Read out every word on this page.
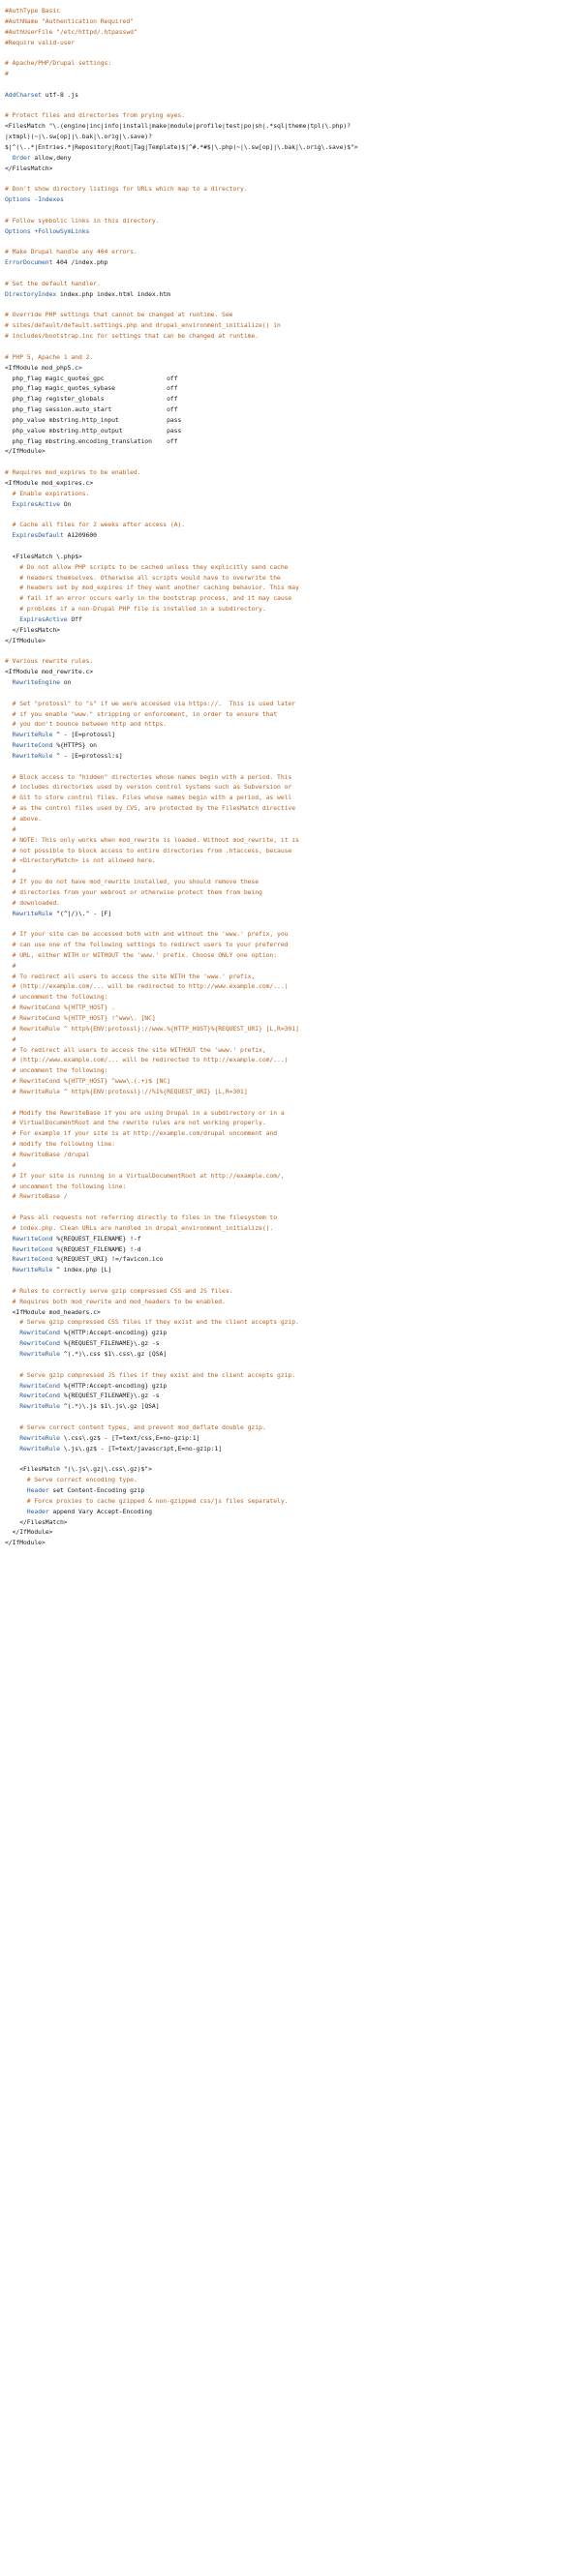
#AuthType Basic
#AuthName "Authentication Required"
#AuthUserFile "/etc/httpd/.htpasswd"
#Require valid-user

# Apache/PHP/Drupal settings:
#

AddCharset utf-8 .js

# Protect files and directories from prying eyes.
<FilesMatch "\.(engine|inc|info|install|make|module|profile|test|po|sh|.*sql|theme|tpl(\.php)?
|xtmpl)(~|\.sw[op]|\.bak|\.orig|\.save)?
$|^(\..*|Entries.*|Repository|Root|Tag|Template)$|^#.*#$|\.php(~|\.sw[op]|\.bak|\.orig\.save)$">
Order allow,deny
</FilesMatch>

# Don't show directory listings for URLs which map to a directory.
Options -Indexes

# Follow symbolic links in this directory.
Options +FollowSymLinks

# Make Drupal handle any 404 errors.
ErrorDocument 404 /index.php

# Set the default handler.
DirectoryIndex index.php index.html index.htm

# Override PHP settings that cannot be changed at runtime. See
# sites/default/default.settings.php and drupal_environment_initialize() in
# includes/bootstrap.inc for settings that can be changed at runtime.

# PHP 5, Apache 1 and 2.
<IfModule mod_php5.c>
php_flag magic_quotes_gpc                 off
php_flag magic_quotes_sybase              off
php_flag register_globals                 off
php_flag session.auto_start               off
php_value mbstring.http_input             pass
php_value mbstring.http_output            pass
php_flag mbstring.encoding_translation    off
</IfModule>

# Requires mod_expires to be enabled.
<IfModule mod_expires.c>
# Enable expirations.
ExpiresActive On

# Cache all files for 2 weeks after access (A).
ExpiresDefault A1209600

<FilesMatch \.php$>
# Do not allow PHP scripts to be cached unless they explicitly send cache
# headers themselves. Otherwise all scripts would have to overwrite the
# headers set by mod_expires if they want another caching behavior. This may
# fail if an error occurs early in the bootstrap process, and it may cause
# problems if a non-Drupal PHP file is installed in a subdirectory.
ExpiresActive Off
</FilesMatch>
</IfModule>

# Various rewrite rules.
<IfModule mod_rewrite.c>
RewriteEngine on

# Set "protossl" to "s" if we were accessed via https://.  This is used later
# if you enable "www." stripping or enforcement, in order to ensure that
# you don't bounce between http and https.
RewriteRule ^ - [E=protossl]
RewriteCond %{HTTPS} on
RewriteRule ^ - [E=protossl:s]

# Block access to "hidden" directories whose names begin with a period. This
# includes directories used by version control systems such as Subversion or
# Git to store control files. Files whose names begin with a period, as well
# as the control files used by CVS, are protected by the FilesMatch directive
# above.
#
# NOTE: This only works when mod_rewrite is loaded. Without mod_rewrite, it is
# not possible to block access to entire directories from .htaccess, because
# <DirectoryMatch> is not allowed here.
#
# If you do not have mod_rewrite installed, you should remove these
# directories from your webroot or otherwise protect them from being
# downloaded.
RewriteRule "(^|/)\." - [F]

# If your site can be accessed both with and without the 'www.' prefix, you
# can use one of the following settings to redirect users to your preferred
# URL, either WITH or WITHOUT the 'www.' prefix. Choose ONLY one option:
#
# To redirect all users to access the site WITH the 'www.' prefix,
# (http://example.com/... will be redirected to http://www.example.com/...)
# uncomment the following:
# RewriteCond %{HTTP_HOST} .
# RewriteCond %{HTTP_HOST} !^www\. [NC]
# RewriteRule ^ http%{ENV:protossl}://www.%{HTTP_HOST}%{REQUEST_URI} [L,R=301]
#
# To redirect all users to access the site WITHOUT the 'www.' prefix,
# (http://www.example.com/... will be redirected to http://example.com/...)
# uncomment the following:
# RewriteCond %{HTTP_HOST} ^www\.(.+)$ [NC]
# RewriteRule ^ http%{ENV:protossl}://%1%{REQUEST_URI} [L,R=301]

# Modify the RewriteBase if you are using Drupal in a subdirectory or in a
# VirtualDocumentRoot and the rewrite rules are not working properly.
# For example if your site is at http://example.com/drupal uncomment and
# modify the following line:
# RewriteBase /drupal
#
# If your site is running in a VirtualDocumentRoot at http://example.com/,
# uncomment the following line:
# RewriteBase /

# Pass all requests not referring directly to files in the filesystem to
# index.php. Clean URLs are handled in drupal_environment_initialize().
RewriteCond %{REQUEST_FILENAME} !-f
RewriteCond %{REQUEST_FILENAME} !-d
RewriteCond %{REQUEST_URI} !=/favicon.ico
RewriteRule ^ index.php [L]

# Rules to correctly serve gzip compressed CSS and JS files.
# Requires both mod_rewrite and mod_headers to be enabled.
<IfModule mod_headers.c>
# Serve gzip compressed CSS files if they exist and the client accepts gzip.
RewriteCond %{HTTP:Accept-encoding} gzip
RewriteCond %{REQUEST_FILENAME}\.gz -s
RewriteRule ^(.*)\.css $1\.css\.gz [QSA]

# Serve gzip compressed JS files if they exist and the client accepts gzip.
RewriteCond %{HTTP:Accept-encoding} gzip
RewriteCond %{REQUEST_FILENAME}\.gz -s
RewriteRule ^(.*)\.js $1\.js\.gz [QSA]

# Serve correct content types, and prevent mod_deflate double gzip.
RewriteRule \.css\.gz$ - [T=text/css,E=no-gzip:1]
RewriteRule \.js\.gz$ - [T=text/javascript,E=no-gzip:1]

<FilesMatch "(\.js\.gz|\.css\.gz)$">
# Serve correct encoding type.
Header set Content-Encoding gzip
# Force proxies to cache gzipped & non-gzipped css/js files separately.
Header append Vary Accept-Encoding
</FilesMatch>
</IfModule>
</IfModule>
